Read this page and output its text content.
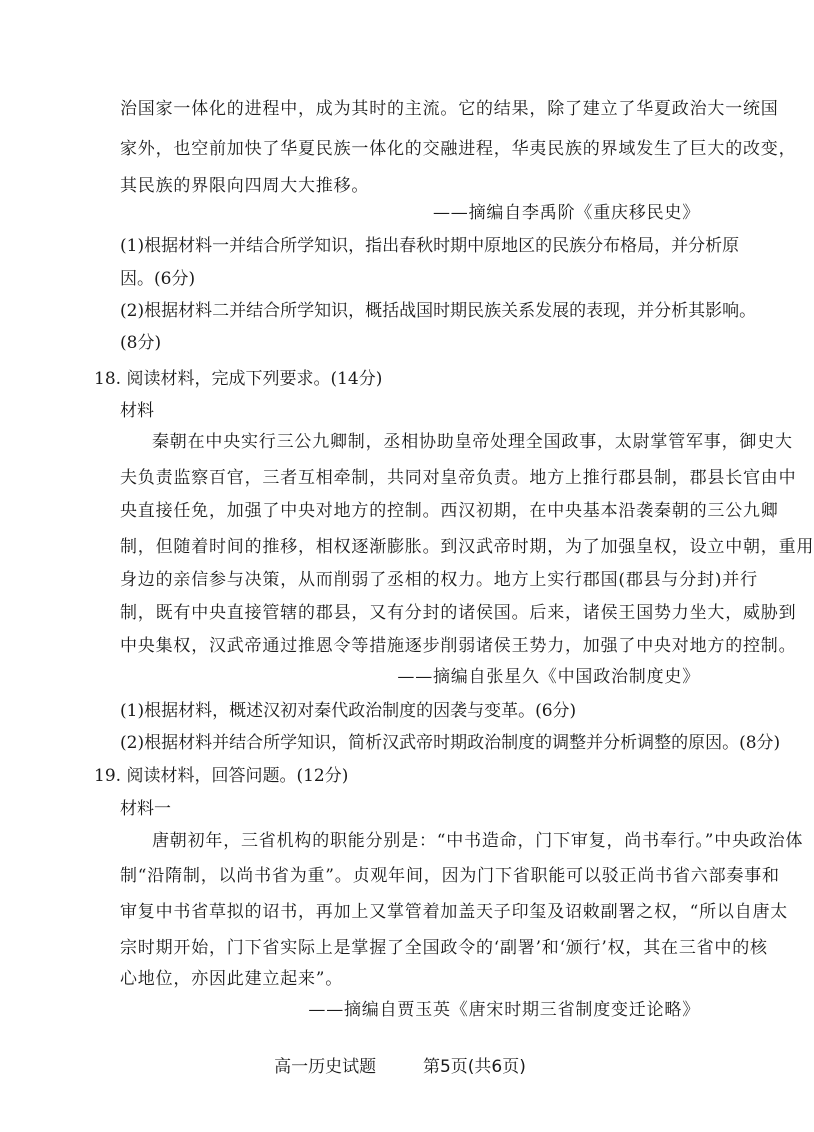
治国家一体化的进程中，成为其时的主流。它的结果，除了建立了华夏政治大一统国
家外，也空前加快了华夏民族一体化的交融进程，华夷民族的界域发生了巨大的改变，
其民族的界限向四周大大推移。
——摘编自李禹阶《重庆移民史》
(1)根据材料一并结合所学知识，指出春秋时期中原地区的民族分布格局，并分析原
因。(6分)
(2)根据材料二并结合所学知识，概括战国时期民族关系发展的表现，并分析其影响。
(8分)
18. 阅读材料，完成下列要求。(14分)
材料
秦朝在中央实行三公九卿制，丞相协助皇帝处理全国政事，太尉掌管军事，御史大
夫负责监察百官，三者互相牵制，共同对皇帝负责。地方上推行郡县制，郡县长官由中
央直接任免，加强了中央对地方的控制。西汉初期，在中央基本沿袭秦朝的三公九卿
制，但随着时间的推移，相权逐渐膨胀。到汉武帝时期，为了加强皇权，设立中朝，重用
身边的亲信参与决策，从而削弱了丞相的权力。地方上实行郡国(郡县与分封)并行
制，既有中央直接管辖的郡县，又有分封的诸侯国。后来，诸侯王国势力坐大，威胁到
中央集权，汉武帝通过推恩令等措施逐步削弱诸侯王势力，加强了中央对地方的控制。
——摘编自张星久《中国政治制度史》
(1)根据材料，概述汉初对秦代政治制度的因袭与变革。(6分)
(2)根据材料并结合所学知识，简析汉武帝时期政治制度的调整并分析调整的原因。(8分)
19. 阅读材料，回答问题。(12分)
材料一
唐朝初年，三省机构的职能分别是：“中书造命，门下审复，尚书奉行。”中央政治体
制“沿隋制，以尚书省为重”。贞观年间，因为门下省职能可以驳正尚书省六部奏事和
审复中书省草拟的诏书，再加上又掌管着加盖天子印玺及诏敕副署之权，“所以自唐太
宗时期开始，门下省实际上是掌握了全国政令的‘副署’和‘颁行’权，其在三省中的核
心地位，亦因此建立起来”。
——摘编自贾玉英《唐宋时期三省制度变迁论略》
高一历史试题	第5页(共6页)
